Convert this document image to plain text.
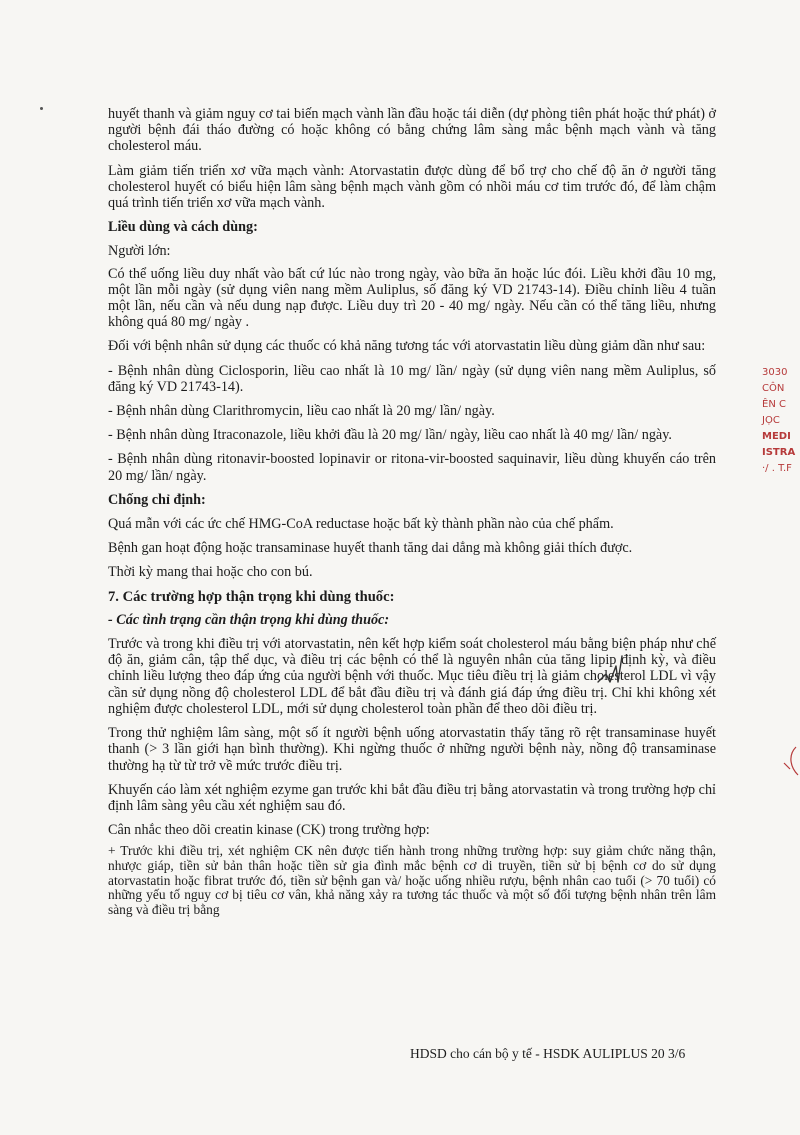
huyết thanh và giảm nguy cơ tai biến mạch vành lần đầu hoặc tái diễn (dự phòng tiên phát hoặc thứ phát) ở người bệnh đái tháo đường có hoặc không có bằng chứng lâm sàng mắc bệnh mạch vành và tăng cholesterol máu.

Làm giảm tiến triển xơ vữa mạch vành: Atorvastatin được dùng để bổ trợ cho chế độ ăn ở người tăng cholesterol huyết có biểu hiện lâm sàng bệnh mạch vành gồm có nhồi máu cơ tim trước đó, để làm chậm quá trình tiến triển xơ vữa mạch vành.

Liều dùng và cách dùng:

Người lớn:

Có thể uống liều duy nhất vào bất cứ lúc nào trong ngày, vào bữa ăn hoặc lúc đói. Liều khởi đầu 10 mg, một lần mỗi ngày (sử dụng viên nang mềm Auliplus, số đăng ký VD 21743-14). Điều chỉnh liều 4 tuần một lần, nếu cần và nếu dung nạp được. Liều duy trì 20 - 40 mg/ ngày. Nếu cần có thể tăng liều, nhưng không quá 80 mg/ ngày .

Đối với bệnh nhân sử dụng các thuốc có khả năng tương tác với atorvastatin liều dùng giảm dần như sau:

- Bệnh nhân dùng Ciclosporin, liều cao nhất là 10 mg/ lần/ ngày (sử dụng viên nang mềm Auliplus, số đăng ký VD 21743-14).

- Bệnh nhân dùng Clarithromycin, liều cao nhất là 20 mg/ lần/ ngày.

- Bệnh nhân dùng Itraconazole, liều khởi đầu là 20 mg/ lần/ ngày, liều cao nhất là 40 mg/ lần/ ngày.

- Bệnh nhân dùng ritonavir-boosted lopinavir or ritona-vir-boosted saquinavir, liều dùng khuyến cáo trên 20 mg/ lần/ ngày.

Chống chỉ định:

Quá mẫn với các ức chế HMG-CoA reductase hoặc bất kỳ thành phần nào của chế phẩm.

Bệnh gan hoạt động hoặc transaminase huyết thanh tăng dai dẳng mà không giải thích được.

Thời kỳ mang thai hoặc cho con bú.

7. Các trường hợp thận trọng khi dùng thuốc:
- Các tình trạng cần thận trọng khi dùng thuốc:

Trước và trong khi điều trị với atorvastatin, nên kết hợp kiểm soát cholesterol máu bằng biện pháp như chế độ ăn, giảm cân, tập thể dục, và điều trị các bệnh có thể là nguyên nhân của tăng lipip định kỳ, và điều chỉnh liều lượng theo đáp ứng của người bệnh với thuốc. Mục tiêu điều trị là giảm cholesterol LDL vì vậy cần sử dụng nồng độ cholesterol LDL để bắt đầu điều trị và đánh giá đáp ứng điều trị. Chỉ khi không xét nghiệm được cholesterol LDL, mới sử dụng cholesterol toàn phần để theo dõi điều trị.

Trong thử nghiệm lâm sàng, một số ít người bệnh uống atorvastatin thấy tăng rõ rệt transaminase huyết thanh (> 3 lần giới hạn bình thường). Khi ngừng thuốc ở những người bệnh này, nồng độ transaminase thường hạ từ từ trở về mức trước điều trị.

Khuyến cáo làm xét nghiệm ezyme gan trước khi bắt đầu điều trị bằng atorvastatin và trong trường hợp chỉ định lâm sàng yêu cầu xét nghiệm sau đó.

Cân nhắc theo dõi creatin kinase (CK) trong trường hợp:

+ Trước khi điều trị, xét nghiệm CK nên được tiến hành trong những trường hợp: suy giảm chức năng thận, nhược giáp, tiền sử bản thân hoặc tiền sử gia đình mắc bệnh cơ di truyền, tiền sử bị bệnh cơ do sử dụng atorvastatin hoặc fibrat trước đó, tiền sử bệnh gan và/ hoặc uống nhiều rượu, bệnh nhân cao tuổi (> 70 tuổi) có những yếu tố nguy cơ bị tiêu cơ vân, khả năng xảy ra tương tác thuốc và một số đối tượng bệnh nhân trên lâm sàng và điều trị bằng

3030
CÔN
ÊN C
JỌC
MEDI
ISTRA
·/ . T.F
HDSD cho cán bộ y tế - HSDK AULIPLUS 20 3/6
